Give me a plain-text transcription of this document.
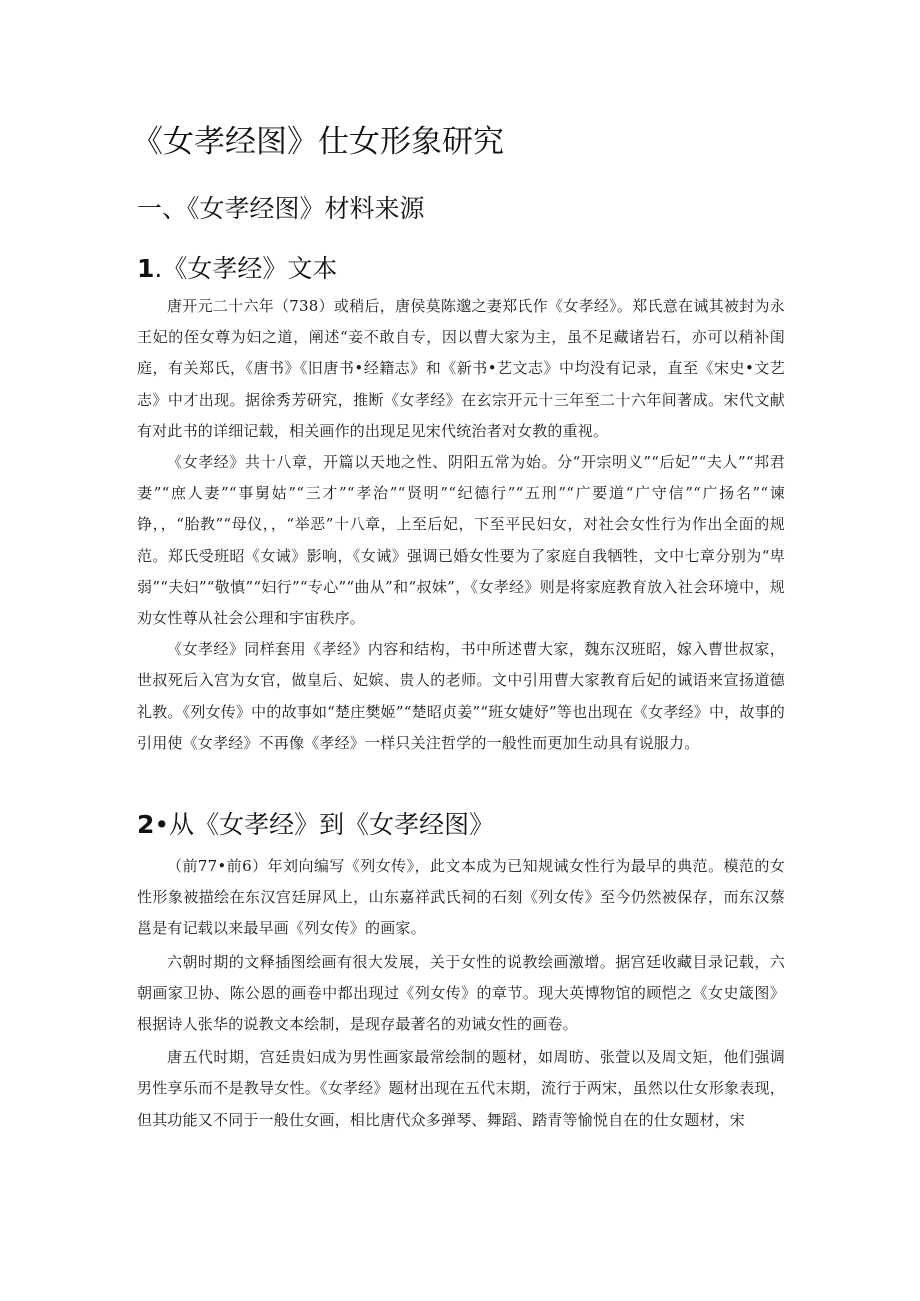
《女孝经图》仕女形象研究
一、《女孝经图》材料来源
1.《女孝经》文本

唐开元二十六年（738）或稍后，唐侯莫陈邈之妻郑氏作《女孝经》。郑氏意在诫其被封为永王妃的侄女尊为妇之道，阐述“妾不敢自专，因以曹大家为主，虽不足藏诸岩石，亦可以稍补闺庭，有关郑氏，《唐书》《旧唐书•经籍志》和《新书•艺文志》中均没有记录，直至《宋史•文艺志》中才出现。据徐秀芳研究，推断《女孝经》在玄宗开元十三年至二十六年间著成。宋代文献有对此书的详细记载，相关画作的出现足见宋代统治者对女教的重视。

《女孝经》共十八章，开篇以天地之性、阴阳五常为始。分“开宗明义”“后妃”“夫人”“邦君妻”“庶人妻”“事舅姑”“三才”“孝治”“贤明”“纪德行”“五刑”“广要道“广守信”“广扬名”“谏铮，，“胎教”“母仪，，“举恶”十八章，上至后妃，下至平民妇女，对社会女性行为作出全面的规范。郑氏受班昭《女诫》影响，《女诫》强调已婚女性要为了家庭自我牺牲，文中七章分别为“卑弱”“夫妇”“敬慎”“妇行”“专心”“曲从”和“叔妹”，《女孝经》则是将家庭教育放入社会环境中，规劝女性尊从社会公理和宇宙秩序。

《女孝经》同样套用《孝经》内容和结构，书中所述曹大家，魏东汉班昭，嫁入曹世叔家，世叔死后入宫为女官，做皇后、妃嫔、贵人的老师。文中引用曹大家教育后妃的诫语来宣扬道德礼教。《列女传》中的故事如“楚庄樊姬”“楚昭贞姜”“班女婕妤”等也出现在《女孝经》中，故事的引用使《女孝经》不再像《孝经》一样只关注哲学的一般性而更加生动具有说服力。

2•从《女孝经》到《女孝经图》

（前77•前6）年刘向编写《列女传》，此文本成为已知规诫女性行为最早的典范。模范的女性形象被描绘在东汉宫廷屏风上，山东嘉祥武氏祠的石刻《列女传》至今仍然被保存，而东汉蔡邕是有记载以来最早画《列女传》的画家。

六朝时期的文释插图绘画有很大发展，关于女性的说教绘画激增。据宫廷收藏目录记载，六朝画家卫协、陈公恩的画卷中都出现过《列女传》的章节。现大英博物馆的顾恺之《女史箴图》根据诗人张华的说教文本绘制，是现存最著名的劝诫女性的画卷。

唐五代时期，宫廷贵妇成为男性画家最常绘制的题材，如周昉、张萱以及周文矩，他们强调男性享乐而不是教导女性。《女孝经》题材出现在五代末期，流行于两宋，虽然以仕女形象表现，但其功能又不同于一般仕女画，相比唐代众多弹琴、舞蹈、踏青等愉悦自在的仕女题材，宋
